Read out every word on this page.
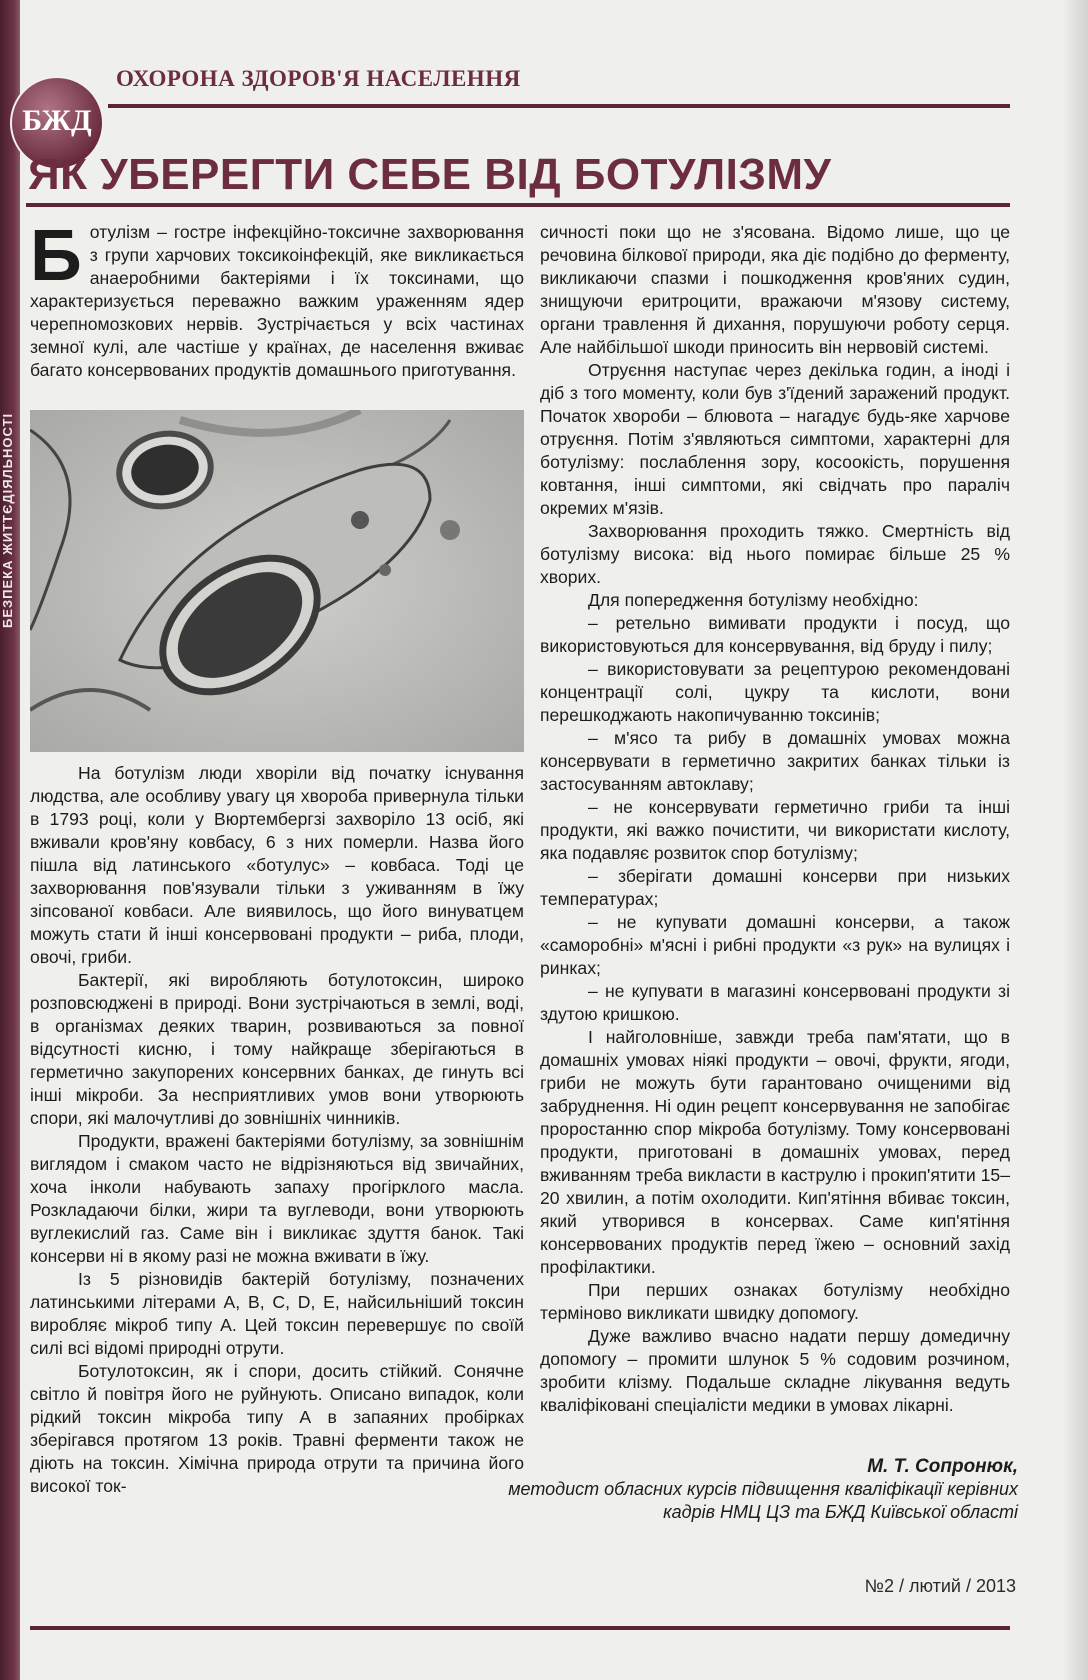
БЕЗПЕКА ЖИТТЄДІЯЛЬНОСТІ
БЖД
ОХОРОНА ЗДОРОВ'Я НАСЕЛЕННЯ
ЯК УБЕРЕГТИ СЕБЕ ВІД БОТУЛІЗМУ
Б отулізм – гостре інфекційно-токсичне захворювання з групи харчових токсикоінфекцій, яке викликається анаеробними бактеріями і їх токсинами, що характеризується переважно важким ураженням ядер черепномозкових нервів. Зустрічається у всіх частинах земної кулі, але частіше у країнах, де населення вживає багато консервованих продуктів домашнього приготування.

На ботулізм люди хворіли від початку існування людства, але особливу увагу ця хвороба привернула тільки в 1793 році, коли у Вюртембергзі захворіло 13 осіб, які вживали кров'яну ковбасу, 6 з них померли. Назва його пішла від латинського «ботулус» – ковбаса. Тоді це захворювання пов'язували тільки з уживанням в їжу зіпсованої ковбаси. Але виявилось, що його винуватцем можуть стати й інші консервовані продукти – риба, плоди, овочі, гриби.

Бактерії, які виробляють ботулотоксин, широко розповсюджені в природі. Вони зустрічаються в землі, воді, в організмах деяких тварин, розвиваються за повної відсутності кисню, і тому найкраще зберігаються в герметично закупорених консервних банках, де гинуть всі інші мікроби. За несприятливих умов вони утворюють спори, які малочутливі до зовнішніх чинників.

Продукти, вражені бактеріями ботулізму, за зовнішнім виглядом і смаком часто не відрізняються від звичайних, хоча інколи набувають запаху прогірклого масла. Розкладаючи білки, жири та вуглеводи, вони утворюють вуглекислий газ. Саме він і викликає здуття банок. Такі консерви ні в якому разі не можна вживати в їжу.

Із 5 різновидів бактерій ботулізму, позначених латинськими літерами А, В, С, D, Е, найсильніший токсин виробляє мікроб типу А. Цей токсин перевершує по своїй силі всі відомі природні отрути.

Ботулотоксин, як і спори, досить стійкий. Сонячне світло й повітря його не руйнують. Описано випадок, коли рідкий токсин мікроба типу А в запаяних пробірках зберігався протягом 13 років. Травні ферменти також не діють на токсин. Хімічна природа отрути та причина його високої ток-

сичності поки що не з'ясована. Відомо лише, що це речовина білкової природи, яка діє подібно до ферменту, викликаючи спазми і пошкодження кров'яних судин, знищуючи еритроцити, вражаючи м'язову систему, органи травлення й дихання, порушуючи роботу серця. Але найбільшої шкоди приносить він нервовій системі.

Отруєння наступає через декілька годин, а іноді і діб з того моменту, коли був з'їдений заражений продукт. Початок хвороби – блювота – нагадує будь-яке харчове отруєння. Потім з'являються симптоми, характерні для ботулізму: послаблення зору, косоокість, порушення ковтання, інші симптоми, які свідчать про параліч окремих м'язів.

Захворювання проходить тяжко. Смертність від ботулізму висока: від нього помирає більше 25 % хворих.

Для попередження ботулізму необхідно:

– ретельно вимивати продукти і посуд, що використовуються для консервування, від бруду і пилу;

– використовувати за рецептурою рекомендовані концентрації солі, цукру та кислоти, вони перешкоджають накопичуванню токсинів;

– м'ясо та рибу в домашніх умовах можна консервувати в герметично закритих банках тільки із застосуванням автоклаву;

– не консервувати герметично гриби та інші продукти, які важко почистити, чи використати кислоту, яка подавляє розвиток спор ботулізму;

– зберігати домашні консерви при низьких температурах;

– не купувати домашні консерви, а також «саморобні» м'ясні і рибні продукти «з рук» на вулицях і ринках;

– не купувати в магазині консервовані продукти зі здутою кришкою.

І найголовніше, завжди треба пам'ятати, що в домашніх умовах ніякі продукти – овочі, фрукти, ягоди, гриби не можуть бути гарантовано очищеними від забруднення. Ні один рецепт консервування не запобігає проростанню спор мікроба ботулізму. Тому консервовані продукти, приготовані в домашніх умовах, перед вживанням треба викласти в каструлю і прокип'ятити 15–20 хвилин, а потім охолодити. Кип'ятіння вбиває токсин, який утворився в консервах. Саме кип'ятіння консервованих продуктів перед їжею – основний захід профілактики.

При перших ознаках ботулізму необхідно терміново викликати швидку допомогу.

Дуже важливо вчасно надати першу домедичну допомогу – промити шлунок 5 % содовим розчином, зробити клізму. Подальше складне лікування ведуть кваліфіковані спеціалісти медики в умовах лікарні.

М. Т. Сопронюк,
методист обласних курсів підвищення кваліфікації керівних кадрів НМЦ ЦЗ та БЖД Київської області
№2 / лютий / 2013
